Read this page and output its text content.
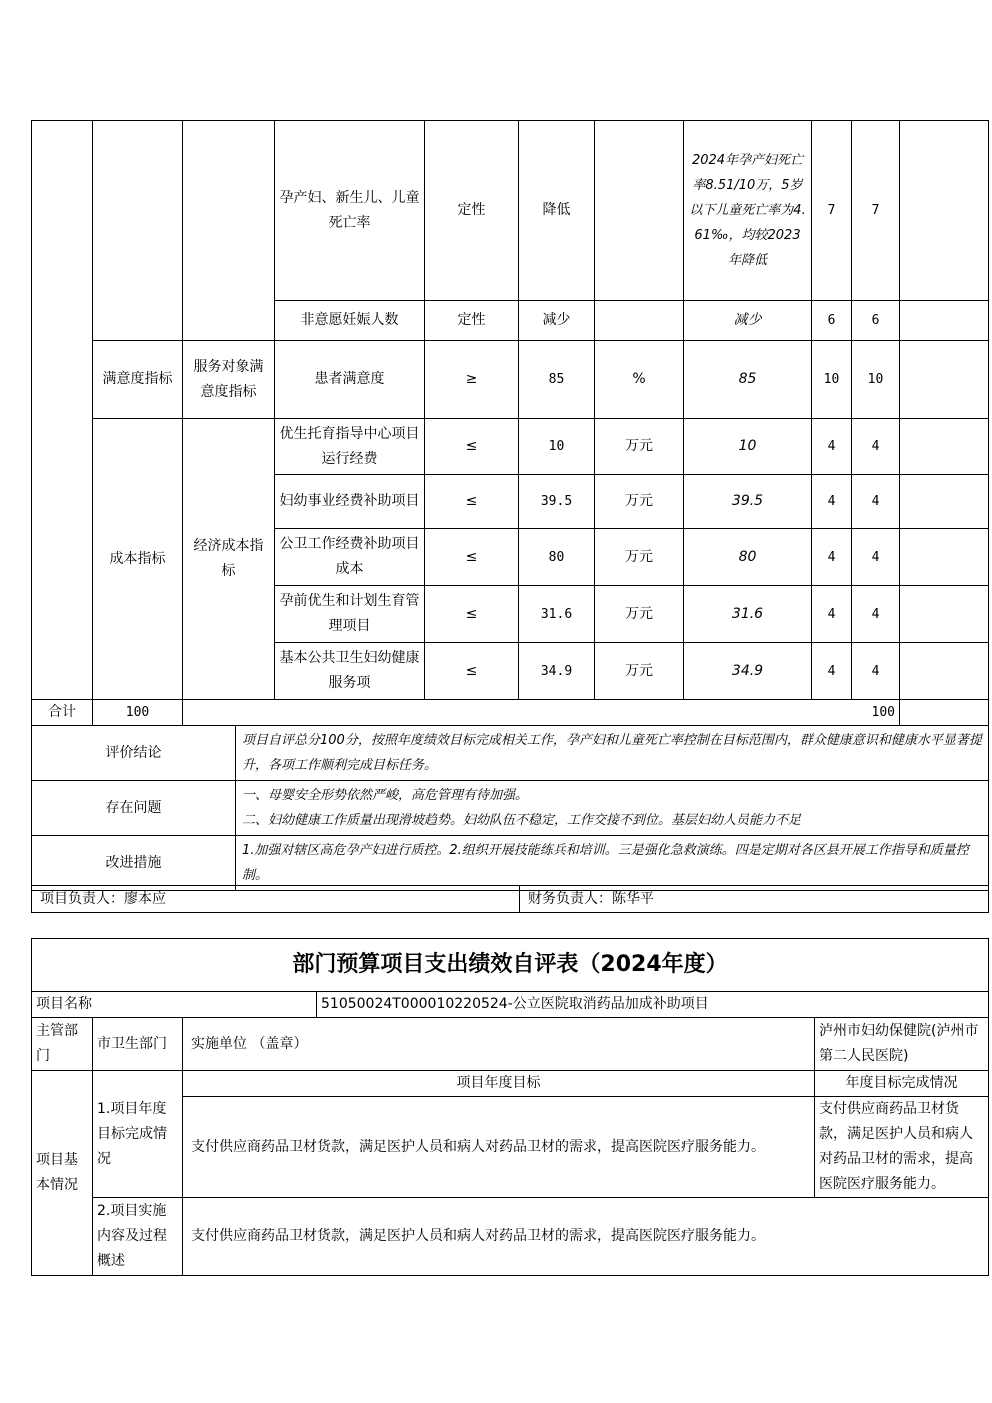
			孕产妇、新生儿、儿童死亡率	定性	降低		2024年孕产妇死亡率8.51/10万，5岁以下儿童死亡率为4.61‰，均较2023年降低	7	7	
			非意愿妊娠人数	定性	减少		减少	6	6	
	满意度指标	服务对象满意度指标	患者满意度	≥	85	%	85	10	10	
	成本指标	经济成本指标	优生托育指导中心项目运行经费	≤	10	万元	10	4	4	
			妇幼事业经费补助项目	≤	39.5	万元	39.5	4	4	
			公卫工作经费补助项目成本	≤	80	万元	80	4	4	
			孕前优生和计划生育管理项目	≤	31.6	万元	31.6	4	4	
			基本公共卫生妇幼健康服务项	≤	34.9	万元	34.9	4	4	
合计	100	100								
评价结论	项目自评总分100分，按照年度绩效目标完成相关工作，孕产妇和儿童死亡率控制在目标范围内，群众健康意识和健康水平显著提升，各项工作顺利完成目标任务。
存在问题	一、母婴安全形势依然严峻，高危管理有待加强。
二、妇幼健康工作质量出现滑坡趋势。妇幼队伍不稳定，工作交接不到位。基层妇幼人员能力不足

改进措施	1.加强对辖区高危孕产妇进行质控。2.组织开展技能练兵和培训。三是强化急救演练。四是定期对各区县开展工作指导和质量控制。
项目负责人：廖本应	财务负责人：陈华平
部门预算项目支出绩效自评表（2024年度）				
项目名称			51050024T000010220524-公立医院取消药品加成补助项目	
主管部门	市卫生部门	实施单位 （盖章）		泸州市妇幼保健院(泸州市第二人民医院)
项目基本情况	1.项目年度目标完成情况	项目年度目标		年度目标完成情况
		支付供应商药品卫材货款，满足医护人员和病人对药品卫材的需求，提高医院医疗服务能力。		支付供应商药品卫材货款，满足医护人员和病人对药品卫材的需求，提高医院医疗服务能力。
	2.项目实施内容及过程概述	支付供应商药品卫材货款，满足医护人员和病人对药品卫材的需求，提高医院医疗服务能力。		
